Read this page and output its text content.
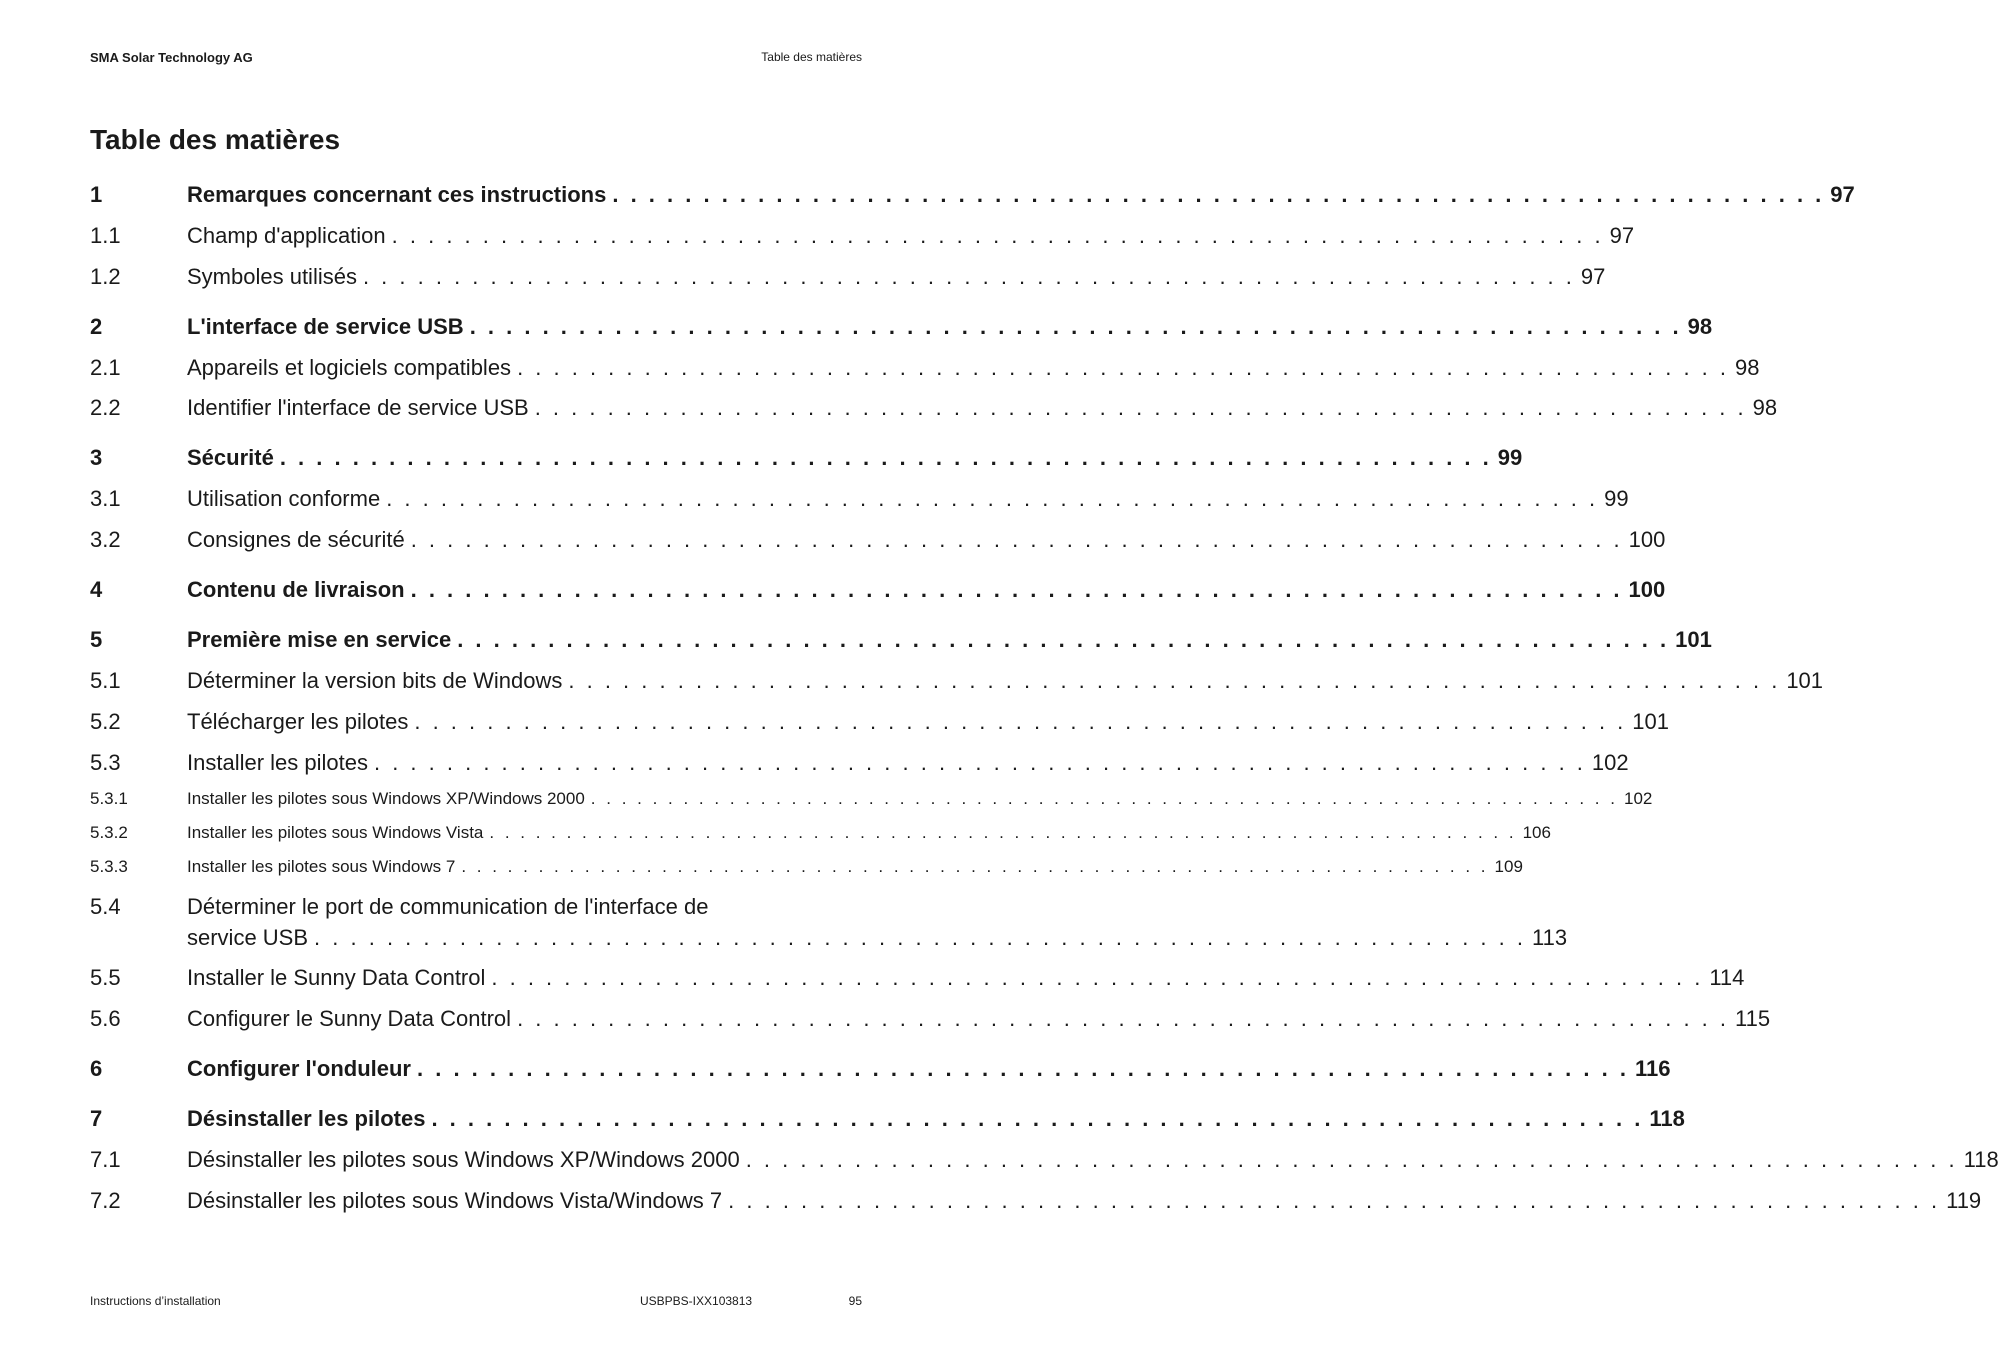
SMA Solar Technology AG	Table des matières
Table des matières
1	Remarques concernant ces instructions . . . . . . . . . . . . . . . . . . . . . . . . . . . . . . . . . . . . . . . . . . . . . . . . . . . . . . . . . . . . . . . . . . . 97
1.1	Champ d'application . . . . . . . . . . . . . . . . . . . . . . . . . . . . . . . . . . . . . . . . . . . . . . . . . . . . . . . . . . . . . . . . . . . 97
1.2	Symboles utilisés . . . . . . . . . . . . . . . . . . . . . . . . . . . . . . . . . . . . . . . . . . . . . . . . . . . . . . . . . . . . . . . . . . . 97
2	L'interface de service USB . . . . . . . . . . . . . . . . . . . . . . . . . . . . . . . . . . . . . . . . . . . . . . . . . . . . . . . . . . . . . . . . . . . 98
2.1	Appareils et logiciels compatibles . . . . . . . . . . . . . . . . . . . . . . . . . . . . . . . . . . . . . . . . . . . . . . . . . . . . . . . . . . . . . . . . . . . 98
2.2	Identifier l'interface de service USB . . . . . . . . . . . . . . . . . . . . . . . . . . . . . . . . . . . . . . . . . . . . . . . . . . . . . . . . . . . . . . . . . . . 98
3	Sécurité . . . . . . . . . . . . . . . . . . . . . . . . . . . . . . . . . . . . . . . . . . . . . . . . . . . . . . . . . . . . . . . . . . . 99
3.1	Utilisation conforme . . . . . . . . . . . . . . . . . . . . . . . . . . . . . . . . . . . . . . . . . . . . . . . . . . . . . . . . . . . . . . . . . . . 99
3.2	Consignes de sécurité . . . . . . . . . . . . . . . . . . . . . . . . . . . . . . . . . . . . . . . . . . . . . . . . . . . . . . . . . . . . . . . . . . . 100
4	Contenu de livraison . . . . . . . . . . . . . . . . . . . . . . . . . . . . . . . . . . . . . . . . . . . . . . . . . . . . . . . . . . . . . . . . . . . 100
5	Première mise en service . . . . . . . . . . . . . . . . . . . . . . . . . . . . . . . . . . . . . . . . . . . . . . . . . . . . . . . . . . . . . . . . . . . 101
5.1	Déterminer la version bits de Windows . . . . . . . . . . . . . . . . . . . . . . . . . . . . . . . . . . . . . . . . . . . . . . . . . . . . . . . . . . . . . . . . . . . 101
5.2	Télécharger les pilotes . . . . . . . . . . . . . . . . . . . . . . . . . . . . . . . . . . . . . . . . . . . . . . . . . . . . . . . . . . . . . . . . . . . 101
5.3	Installer les pilotes . . . . . . . . . . . . . . . . . . . . . . . . . . . . . . . . . . . . . . . . . . . . . . . . . . . . . . . . . . . . . . . . . . . 102
5.3.1	Installer les pilotes sous Windows XP/Windows 2000 . . . . . . . . . . . . . . . . . . . . . . . . . . . . . . . . . . . . . . . . . . . . . . . . . . . . . . . . . . . . . . . . . . . 102
5.3.2	Installer les pilotes sous Windows Vista . . . . . . . . . . . . . . . . . . . . . . . . . . . . . . . . . . . . . . . . . . . . . . . . . . . . . . . . . . . . . . . . . . . 106
5.3.3	Installer les pilotes sous Windows 7 . . . . . . . . . . . . . . . . . . . . . . . . . . . . . . . . . . . . . . . . . . . . . . . . . . . . . . . . . . . . . . . . . . . 109
5.4	Déterminer le port de communication de l'interface de
service USB . . . . . . . . . . . . . . . . . . . . . . . . . . . . . . . . . . . . . . . . . . . . . . . . . . . . . . . . . . . . . . . . . . . 113
5.5	Installer le Sunny Data Control . . . . . . . . . . . . . . . . . . . . . . . . . . . . . . . . . . . . . . . . . . . . . . . . . . . . . . . . . . . . . . . . . . . 114
5.6	Configurer le Sunny Data Control . . . . . . . . . . . . . . . . . . . . . . . . . . . . . . . . . . . . . . . . . . . . . . . . . . . . . . . . . . . . . . . . . . . 115
6	Configurer l'onduleur . . . . . . . . . . . . . . . . . . . . . . . . . . . . . . . . . . . . . . . . . . . . . . . . . . . . . . . . . . . . . . . . . . . 116
7	Désinstaller les pilotes . . . . . . . . . . . . . . . . . . . . . . . . . . . . . . . . . . . . . . . . . . . . . . . . . . . . . . . . . . . . . . . . . . . 118
7.1	Désinstaller les pilotes sous Windows XP/Windows 2000 . . . . . . . . . . . . . . . . . . . . . . . . . . . . . . . . . . . . . . . . . . . . . . . . . . . . . . . . . . . . . . . . . . . 118
7.2	Désinstaller les pilotes sous Windows Vista/Windows 7 . . . . . . . . . . . . . . . . . . . . . . . . . . . . . . . . . . . . . . . . . . . . . . . . . . . . . . . . . . . . . . . . . . . 119
Instructions d’installation	USBPBS-IXX103813	95
